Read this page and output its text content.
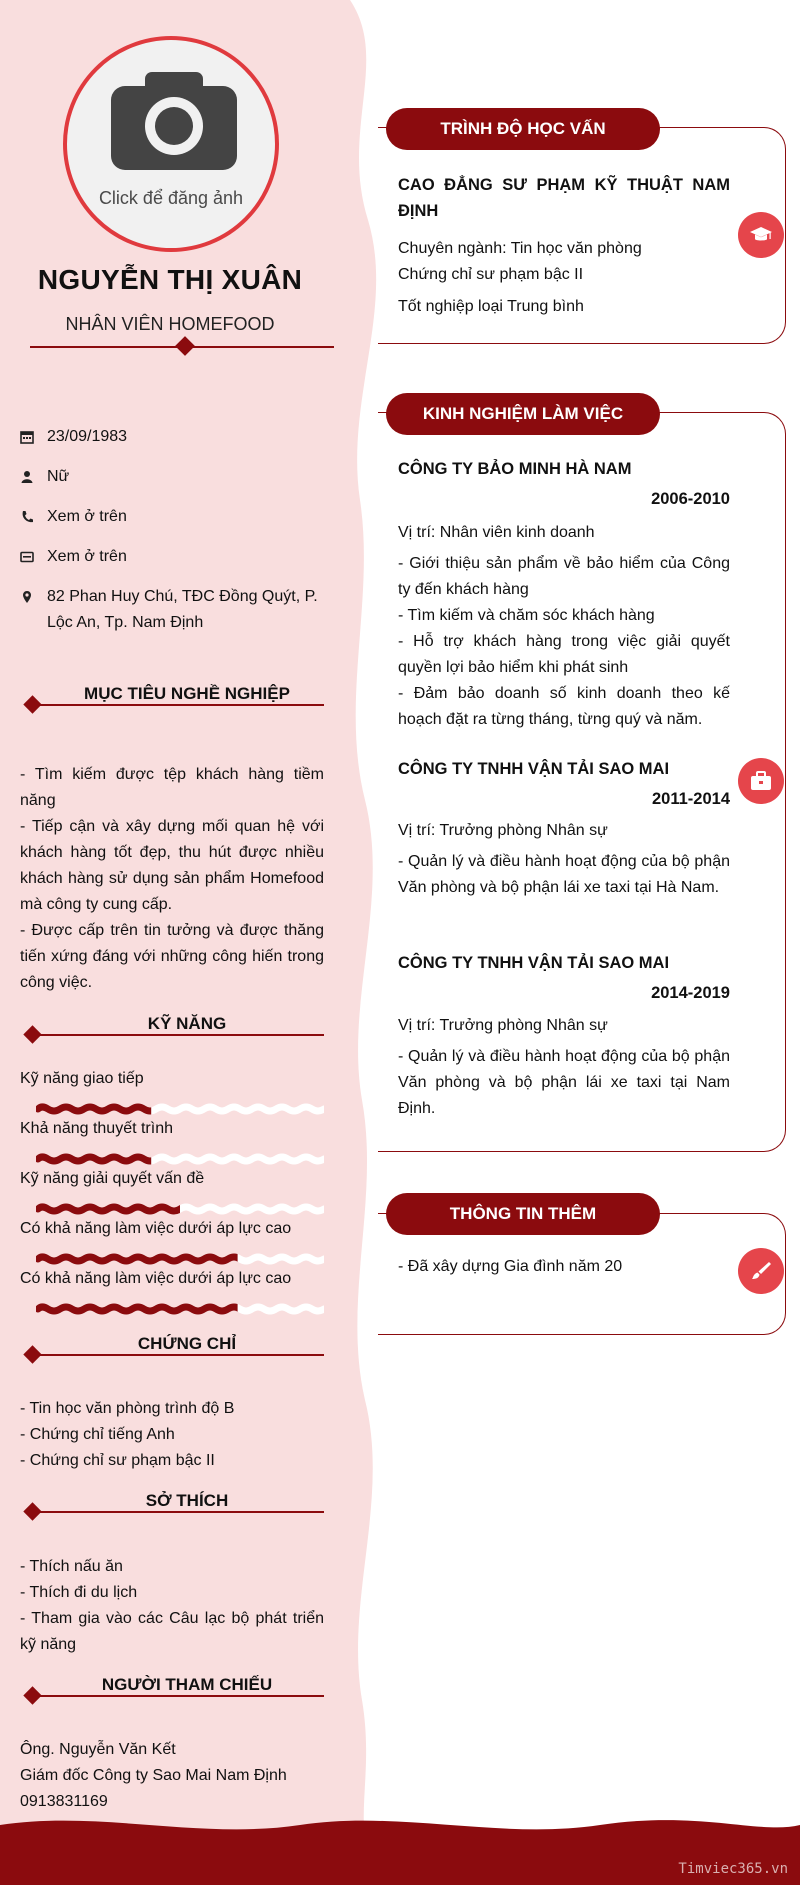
Click để đăng ảnh
NGUYỄN THỊ XUÂN
NHÂN VIÊN HOMEFOOD
23/09/1983
Nữ
Xem ở trên
Xem ở trên
82 Phan Huy Chú, TĐC Đồng Quýt, P. Lộc An, Tp. Nam Định
MỤC TIÊU NGHỀ NGHIỆP
- Tìm kiếm được tệp khách hàng tiềm năng
- Tiếp cận và xây dựng mối quan hệ với khách hàng tốt đẹp, thu hút được nhiều khách hàng sử dụng sản phẩm Homefood mà công ty cung cấp.
- Được cấp trên tin tưởng và được thăng tiến xứng đáng với những công hiến trong công việc.
KỸ NĂNG
Kỹ năng giao tiếp
Khả năng thuyết trình
Kỹ năng giải quyết vấn đề
Có khả năng làm việc dưới áp lực cao
Có khả năng làm việc dưới áp lực cao
CHỨNG CHỈ
- Tin học văn phòng trình độ B
- Chứng chỉ tiếng Anh
- Chứng chỉ sư phạm bậc II
SỞ THÍCH
- Thích nấu ăn
- Thích đi du lịch
- Tham gia vào các Câu lạc bộ phát triển kỹ năng
NGƯỜI THAM CHIẾU
Ông. Nguyễn Văn Kết
Giám đốc Công ty Sao Mai Nam Định
0913831169
TRÌNH ĐỘ HỌC VẤN
CAO ĐẲNG SƯ PHẠM KỸ THUẬT NAM ĐỊNH
Chuyên ngành: Tin học văn phòng
Chứng chỉ sư phạm bậc II
Tốt nghiệp loại Trung bình
KINH NGHIỆM LÀM VIỆC
CÔNG TY BẢO MINH HÀ NAM
2006-2010
Vị trí: Nhân viên kinh doanh
- Giới thiệu sản phẩm về bảo hiểm của Công ty đến khách hàng
- Tìm kiếm và chăm sóc khách hàng
- Hỗ trợ khách hàng trong việc giải quyết quyền lợi bảo hiểm khi phát sinh
- Đảm bảo doanh số kinh doanh theo kế hoạch đặt ra từng tháng, từng quý và năm.
CÔNG TY TNHH VẬN TẢI SAO MAI
2011-2014
Vị trí: Trưởng phòng Nhân sự
- Quản lý và điều hành hoạt động của bộ phận Văn phòng và bộ phận lái xe taxi tại Hà Nam.
CÔNG TY TNHH VẬN TẢI SAO MAI
2014-2019
Vị trí: Trưởng phòng Nhân sự
- Quản lý và điều hành hoạt động của bộ phận Văn phòng và bộ phận lái xe taxi tại Nam Định.
THÔNG TIN THÊM
- Đã xây dựng Gia đình năm 20
Timviec365.vn
